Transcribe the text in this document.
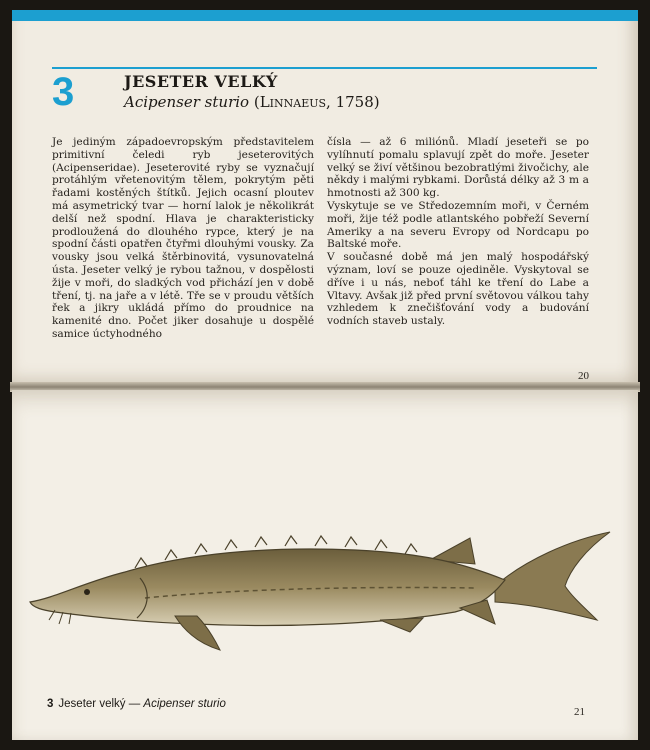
3	JESETER VELKÝ
Acipenser sturio (Linnaeus, 1758)

Je jediným západoevropským představitelem primitivní čeledi ryb jeseterovitých (Acipenseridae). Jeseterovité ryby se vyznačují protáhlým vřetenovitým tělem, pokrytým pěti řadami kostěných štítků. Jejich ocasní ploutev má asymetrický tvar — horní lalok je několikrát delší než spodní. Hlava je charakteristicky prodloužená do dlouhého rypce, který je na spodní části opatřen čtyřmi dlouhými vousky. Za vousky jsou velká štěrbinovitá, vysunovatelná ústa. Jeseter velký je rybou tažnou, v dospělosti žije v moři, do sladkých vod přichází jen v době tření, tj. na jaře a v létě. Tře se v proudu větších řek a jikry ukládá přímo do proudnice na kamenité dno. Počet jiker dosahuje u dospělé samice úctyhodného

čísla — až 6 miliónů. Mladí jeseteři se po vylíhnutí pomalu splavují zpět do moře. Jeseter velký se živí většinou bezobratlými živočichy, ale někdy i malými rybkami. Dorůstá délky až 3 m a hmotnosti až 300 kg.

Vyskytuje se ve Středozemním moři, v Černém moři, žije též podle atlantského pobřeží Severní Ameriky a na severu Evropy od Nordcapu po Baltské moře.

V současné době má jen malý hospodářský význam, loví se pouze ojediněle. Vyskytoval se dříve i u nás, neboť táhl ke tření do Labe a Vltavy. Avšak již před první světovou válkou tahy vzhledem k znečišťování vody a budování vodních staveb ustaly.

20
3 Jeseter velký — Acipenser sturio
21
